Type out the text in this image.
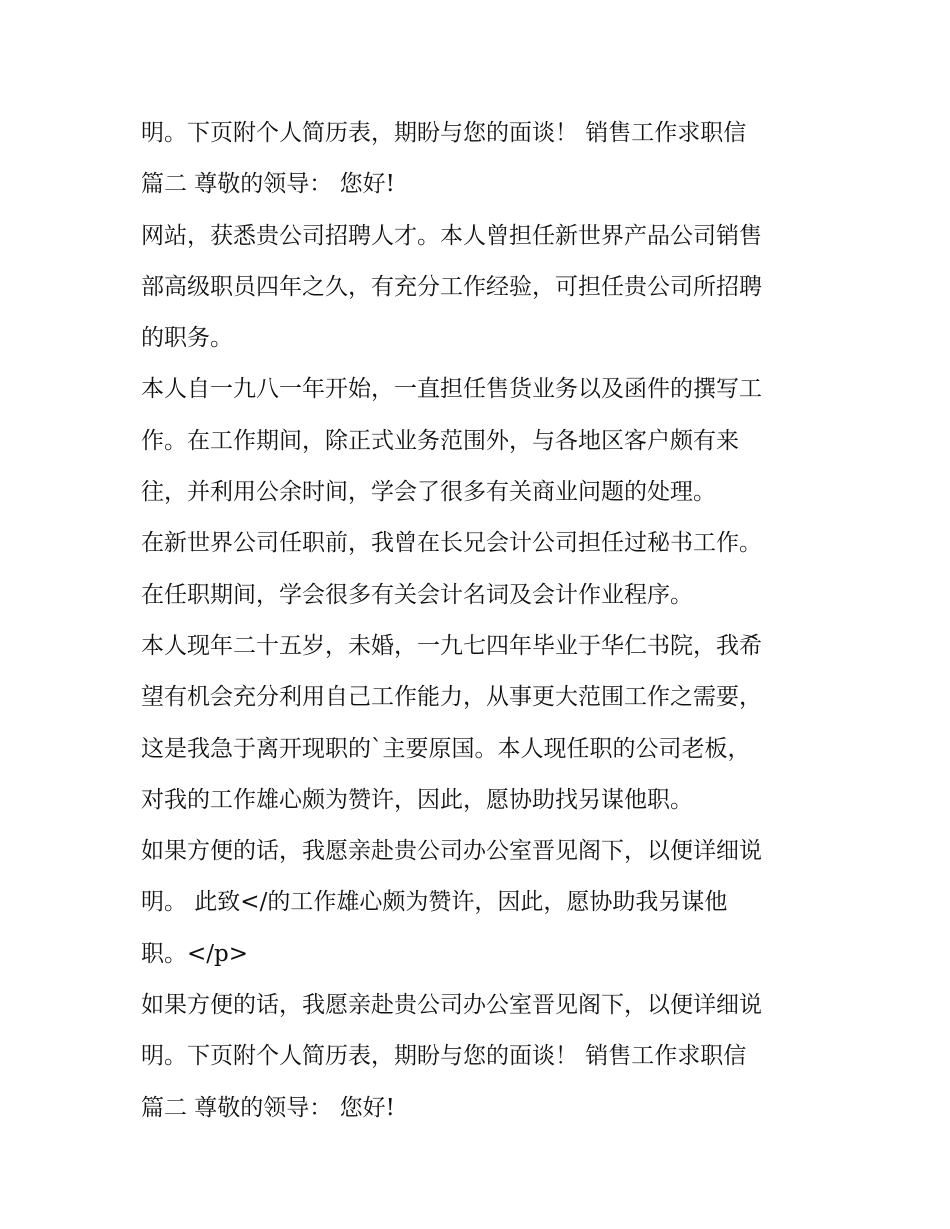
明。下页附个人简历表，期盼与您的面谈！ 销售工作求职信
篇二 尊敬的领导： 您好!
网站，获悉贵公司招聘人才。本人曾担任新世界产品公司销售
部高级职员四年之久，有充分工作经验，可担任贵公司所招聘
的职务。
本人自一九八一年开始，一直担任售货业务以及函件的撰写工
作。在工作期间，除正式业务范围外，与各地区客户颇有来
往，并利用公余时间，学会了很多有关商业问题的处理。
在新世界公司任职前，我曾在长兄会计公司担任过秘书工作。
在任职期间，学会很多有关会计名词及会计作业程序。
本人现年二十五岁，未婚，一九七四年毕业于华仁书院，我希
望有机会充分利用自己工作能力，从事更大范围工作之需要，
这是我急于离开现职的`主要原国。本人现任职的公司老板，
对我的工作雄心颇为赞许，因此，愿协助找另谋他职。
如果方便的话，我愿亲赴贵公司办公室晋见阁下，以便详细说
明。 此致</的工作雄心颇为赞许，因此，愿协助我另谋他
职。</p>
如果方便的话，我愿亲赴贵公司办公室晋见阁下，以便详细说
明。下页附个人简历表，期盼与您的面谈！ 销售工作求职信
篇二 尊敬的领导： 您好!
